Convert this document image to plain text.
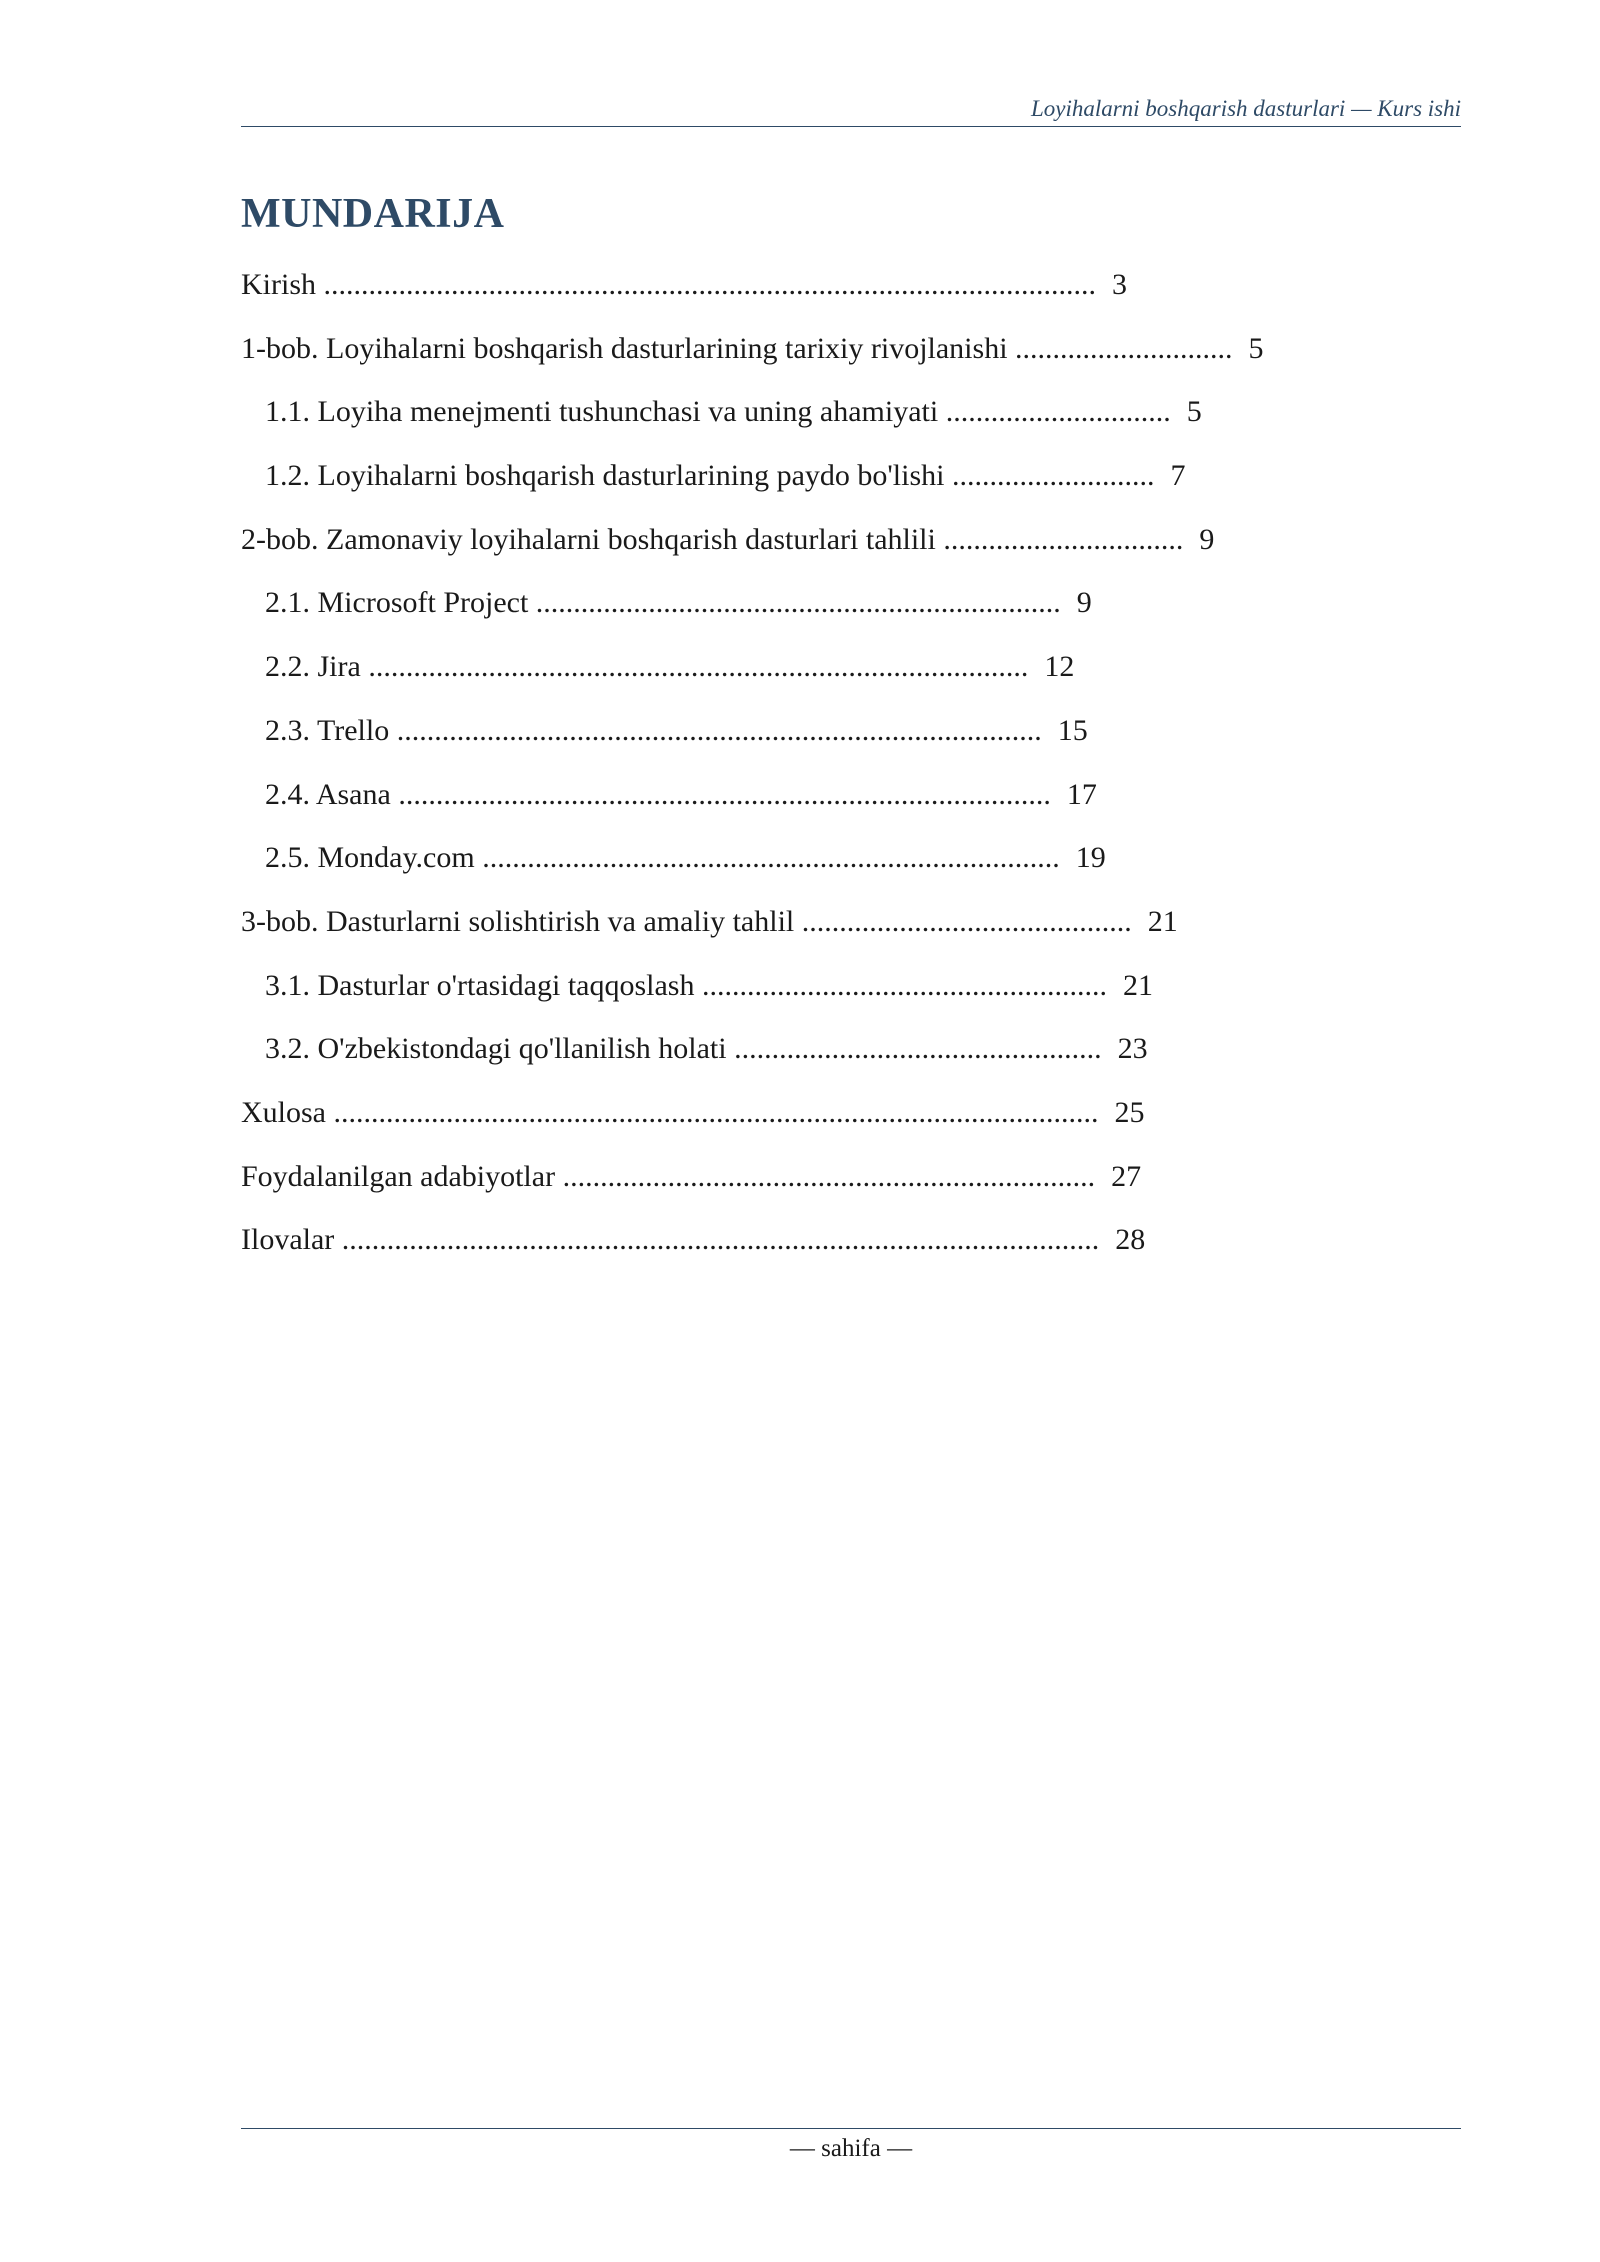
Loyihalarni boshqarish dasturlari — Kurs ishi
MUNDARIJA
Kirish ....................................................................................................... 3
1-bob. Loyihalarni boshqarish dasturlarining tarixiy rivojlanishi ............................. 5
1.1. Loyiha menejmenti tushunchasi va uning ahamiyati .............................. 5
1.2. Loyihalarni boshqarish dasturlarining paydo bo'lishi ........................... 7
2-bob. Zamonaviy loyihalarni boshqarish dasturlari tahlili ................................ 9
2.1. Microsoft Project ...................................................................... 9
2.2. Jira ........................................................................................ 12
2.3. Trello ...................................................................................... 15
2.4. Asana ....................................................................................... 17
2.5. Monday.com ............................................................................. 19
3-bob. Dasturlarni solishtirish va amaliy tahlil ............................................ 21
3.1. Dasturlar o'rtasidagi taqqoslash ...................................................... 21
3.2. O'zbekistondagi qo'llanilish holati ................................................. 23
Xulosa ...................................................................................................... 25
Foydalanilgan adabiyotlar ....................................................................... 27
Ilovalar ..................................................................................................... 28
— sahifa —
